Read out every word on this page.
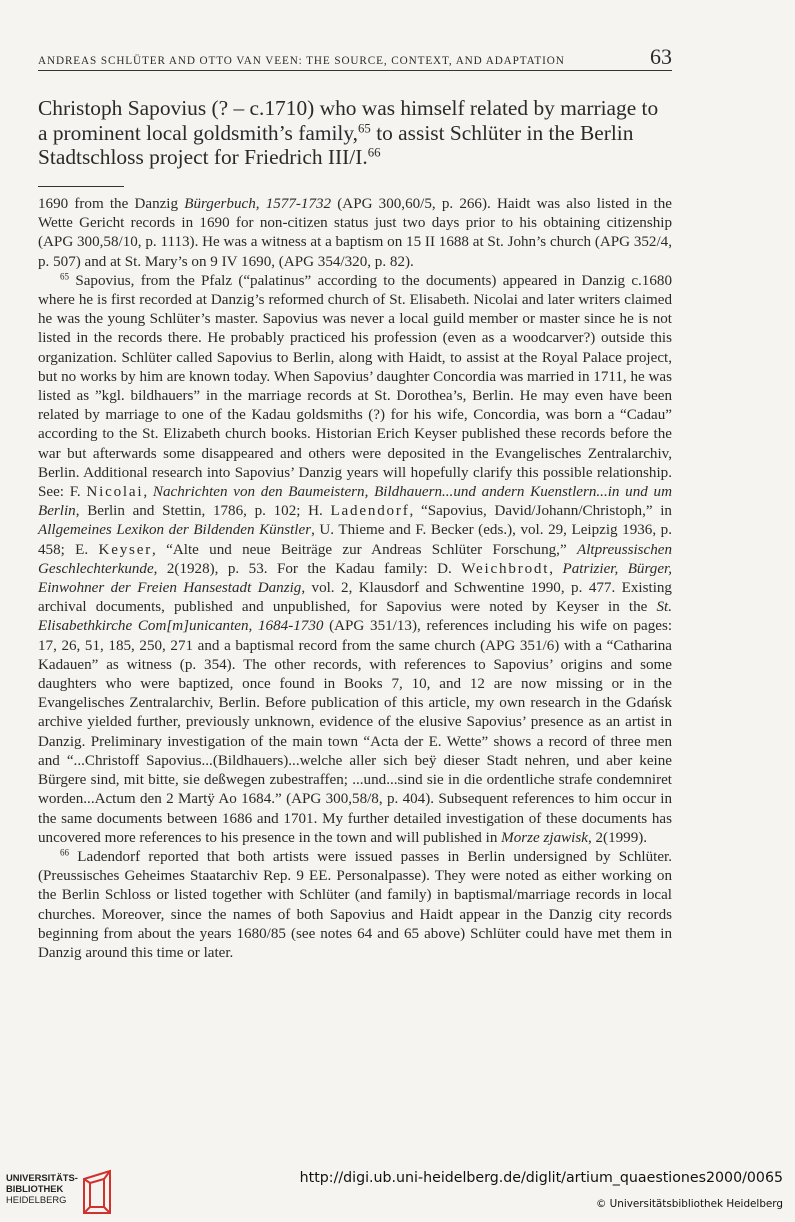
ANDREAS SCHLÜTER AND OTTO VAN VEEN: THE SOURCE, CONTEXT, AND ADAPTATION	63
Christoph Sapovius (? – c.1710) who was himself related by marriage to
a prominent local goldsmith’s family,$^{65}$ to assist Schlüter in the Berlin
Stadtschloss project for Friedrich III/I.$^{66}$

1690 from the Danzig Bürgerbuch, 1577-1732 (APG 300,60/5, p. 266). Haidt was also listed in the Wette Gericht records in 1690 for non-citizen status just two days prior to his obtaining citizenship (APG 300,58/10, p. 1113). He was a witness at a baptism on 15 II 1688 at St. John’s church (APG 352/4, p. 507) and at St. Mary’s on 9 IV 1690, (APG 354/320, p. 82).

$^{65}$ Sapovius, from the Pfalz (“palatinus” according to the documents) appeared in Danzig c.1680 where he is first recorded at Danzig’s reformed church of St. Elisabeth. Nicolai and later writers claimed he was the young Schlüter’s master. Sapovius was never a local guild member or master since he is not listed in the records there. He probably practiced his profession (even as a woodcarver?) outside this organization. Schlüter called Sapovius to Berlin, along with Haidt, to assist at the Royal Palace project, but no works by him are known today. When Sapovius’ daughter Concordia was married in 1711, he was listed as ”kgl. bildhauers” in the marriage records at St. Dorothea’s, Berlin. He may even have been related by marriage to one of the Kadau goldsmiths (?) for his wife, Concordia, was born a “Cadau” according to the St. Elizabeth church books. Historian Erich Keyser published these records before the war but afterwards some disappeared and others were deposited in the Evangelisches Zentralarchiv, Berlin. Additional research into Sapovius’ Danzig years will hopefully clarify this possible relationship. See: F. Nicolai, Nachrichten von den Baumeistern, Bildhauern...und andern Kuenstlern...in und um Berlin, Berlin and Stettin, 1786, p. 102; H. Ladendorf, “Sapovius, David/Johann/Christoph,” in Allgemeines Lexikon der Bildenden Künstler, U. Thieme and F. Becker (eds.), vol. 29, Leipzig 1936, p. 458; E. Keyser, “Alte und neue Beiträge zur Andreas Schlüter Forschung,” Altpreussischen Geschlechterkunde, 2(1928), p. 53. For the Kadau family: D. Weichbrodt, Patrizier, Bürger, Einwohner der Freien Hansestadt Danzig, vol. 2, Klausdorf and Schwentine 1990, p. 477. Existing archival documents, published and unpublished, for Sapovius were noted by Keyser in the St. Elisabethkirche Com[m]unicanten, 1684-1730 (APG 351/13), references including his wife on pages: 17, 26, 51, 185, 250, 271 and a baptismal record from the same church (APG 351/6) with a “Catharina Kadauen” as witness (p. 354). The other records, with references to Sapovius’ origins and some daughters who were baptized, once found in Books 7, 10, and 12 are now missing or in the Evangelisches Zentralarchiv, Berlin. Before publication of this article, my own research in the Gdańsk archive yielded further, previously unknown, evidence of the elusive Sapovius’ presence as an artist in Danzig. Preliminary investigation of the main town “Acta der E. Wette” shows a record of three men and “...Christoff Sapovius...(Bildhauers)...welche aller sich beÿ dieser Stadt nehren, und aber keine Bürgere sind, mit bitte, sie deßwegen zubestraffen; ...und...sind sie in die ordentliche strafe condemniret worden...Actum den 2 Martÿ Ao 1684.” (APG 300,58/8, p. 404). Subsequent references to him occur in the same documents between 1686 and 1701. My further detailed investigation of these documents has uncovered more references to his presence in the town and will published in Morze zjawisk, 2(1999).

$^{66}$ Ladendorf reported that both artists were issued passes in Berlin undersigned by Schlüter. (Preussisches Geheimes Staatarchiv Rep. 9 EE. Personalpasse). They were noted as either working on the Berlin Schloss or listed together with Schlüter (and family) in baptismal/marriage records in local churches. Moreover, since the names of both Sapovius and Haidt appear in the Danzig city records beginning from about the years 1680/85 (see notes 64 and 65 above) Schlüter could have met them in Danzig around this time or later.

UNIVERSITÄTS-
BIBLIOTHEK
HEIDELBERG
http://digi.ub.uni-heidelberg.de/diglit/artium_quaestiones2000/0065
© Universitätsbibliothek Heidelberg
